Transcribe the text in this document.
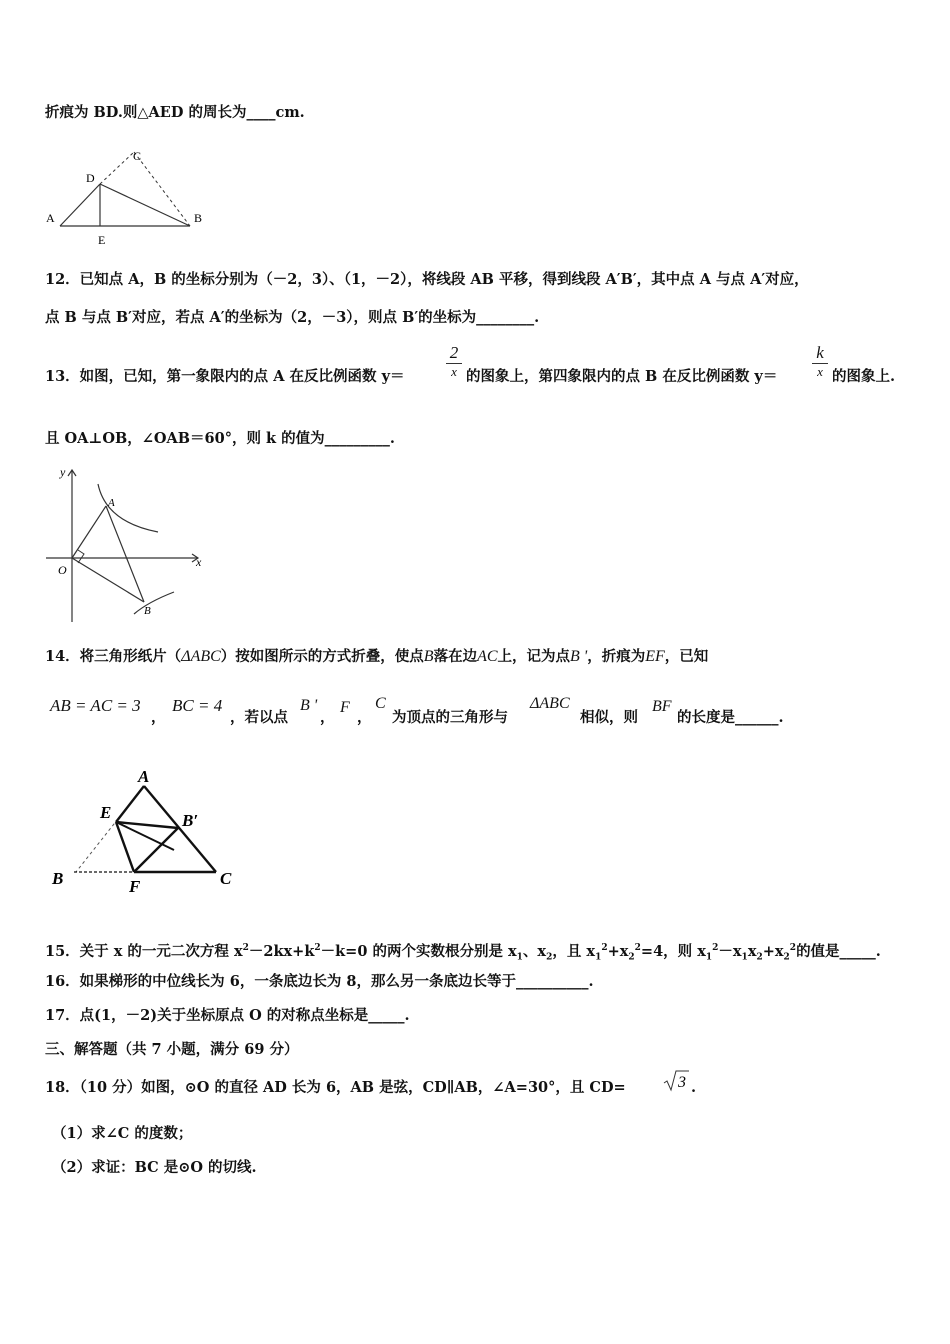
折痕为 BD.则△AED 的周长为____cm.
A	B
C
D
E
12．已知点 A，B 的坐标分别为（－2，3）、（1，－2），将线段 AB 平移，得到线段 A′B′，其中点 A 与点 A′对应，
点 B 与点 B′对应，若点 A′的坐标为（2，－3），则点 B′的坐标为________.
13．如图，已知，第一象限内的点 A 在反比例函数 y＝
2
x 的图象上，第四象限内的点 B 在反比例函数 y＝
k
x 的图象上.
且 OA⊥OB，∠OAB＝60°，则 k 的值为_________.
y
x
O
A
B
14．将三角形纸片（ΔABC）按如图所示的方式折叠，使点B落在边AC上，记为点B '，折痕为EF，已知
AB = AC = 3
，
BC = 4
，若以点
B '
，
F
，
C
为顶点的三角形与
ΔABC
相似，则
BF
的长度是______.
A
E	B′
B	F	C
15．关于 x 的一元二次方程 $x^2-2kx+k^2-k=0$ 的两个实数根分别是 $x_1$、$x_2$，且 $x_1^2+x_2^2=4$，则 $x_1^2-x_1x_2+x_2^2$的值是_____.
16．如果梯形的中位线长为 6，一条底边长为 8，那么另一条底边长等于__________.
17．点(1，－2)关于坐标原点 O 的对称点坐标是_____.
三、解答题（共 7 小题，满分 69 分）
18．（10 分）如图，⊙O 的直径 AD 长为 6，AB 是弦，CD∥AB，∠A=30°，且 CD=	3 .
（1）求∠C 的度数；
（2）求证：BC 是⊙O 的切线.
